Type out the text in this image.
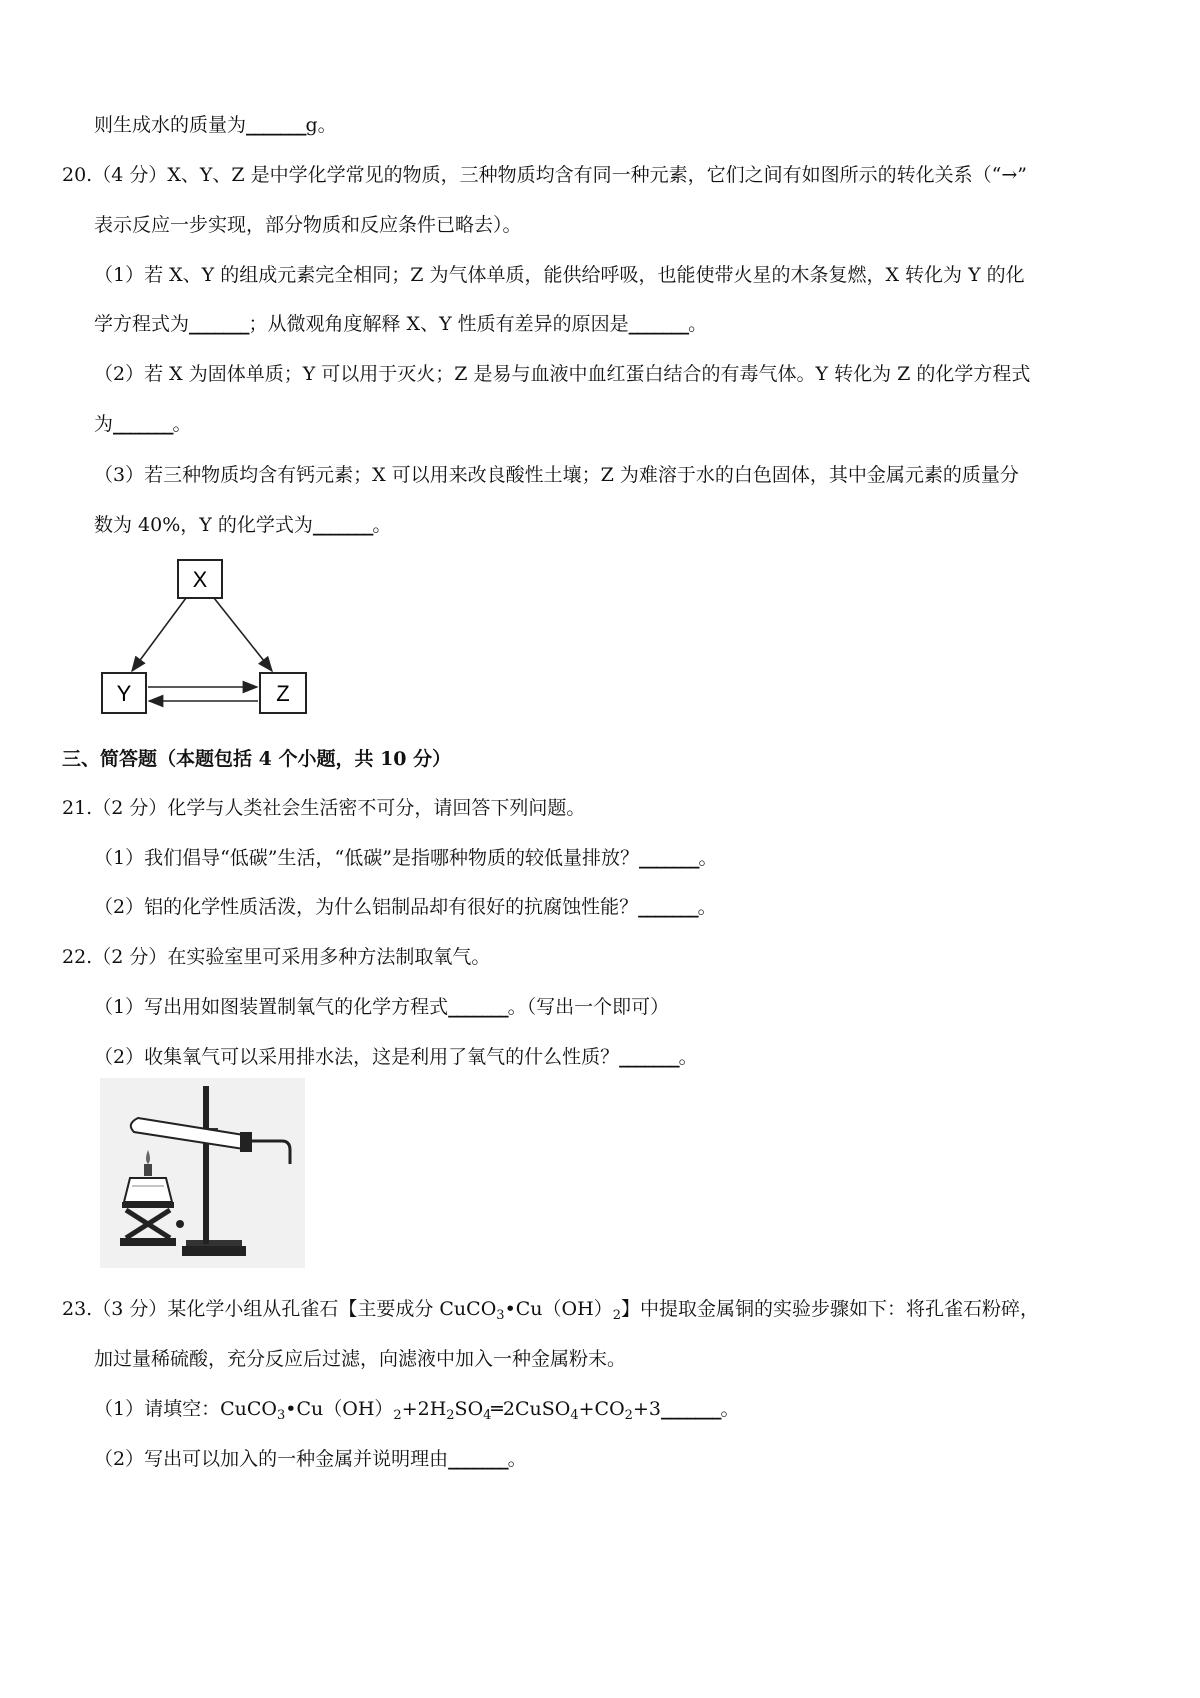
则生成水的质量为_______g。
20.（4 分）X、Y、Z 是中学化学常见的物质，三种物质均含有同一种元素，它们之间有如图所示的转化关系（“→”
表示反应一步实现，部分物质和反应条件已略去）。
（1）若 X、Y 的组成元素完全相同；Z 为气体单质，能供给呼吸，也能使带火星的木条复燃，X 转化为 Y 的化
学方程式为_______；从微观角度解释 X、Y 性质有差异的原因是_______。
（2）若 X 为固体单质；Y 可以用于灭火；Z 是易与血液中血红蛋白结合的有毒气体。Y 转化为 Z 的化学方程式
为_______。
（3）若三种物质均含有钙元素；X 可以用来改良酸性土壤；Z 为难溶于水的白色固体，其中金属元素的质量分
数为 40%，Y 的化学式为_______。
X
Y	Z
三、简答题（本题包括 4 个小题，共 10 分）
21.（2 分）化学与人类社会生活密不可分，请回答下列问题。
（1）我们倡导“低碳”生活，“低碳”是指哪种物质的较低量排放？_______。
（2）铝的化学性质活泼，为什么铝制品却有很好的抗腐蚀性能？_______。
22.（2 分）在实验室里可采用多种方法制取氧气。
（1）写出用如图装置制氧气的化学方程式_______。（写出一个即可）
（2）收集氧气可以采用排水法，这是利用了氧气的什么性质？_______。
23.（3 分）某化学小组从孔雀石【主要成分 $CuCO_3•Cu(OH)_2$】中提取金属铜的实验步骤如下：将孔雀石粉碎，
加过量稀硫酸，充分反应后过滤，向滤液中加入一种金属粉末。
（1）请填空：$CuCO_3•Cu(OH)_2+2H_2SO_4═2CuSO_4+CO_2+3\_\_\_\_\_\_\_$。
（2）写出可以加入的一种金属并说明理由_______。
